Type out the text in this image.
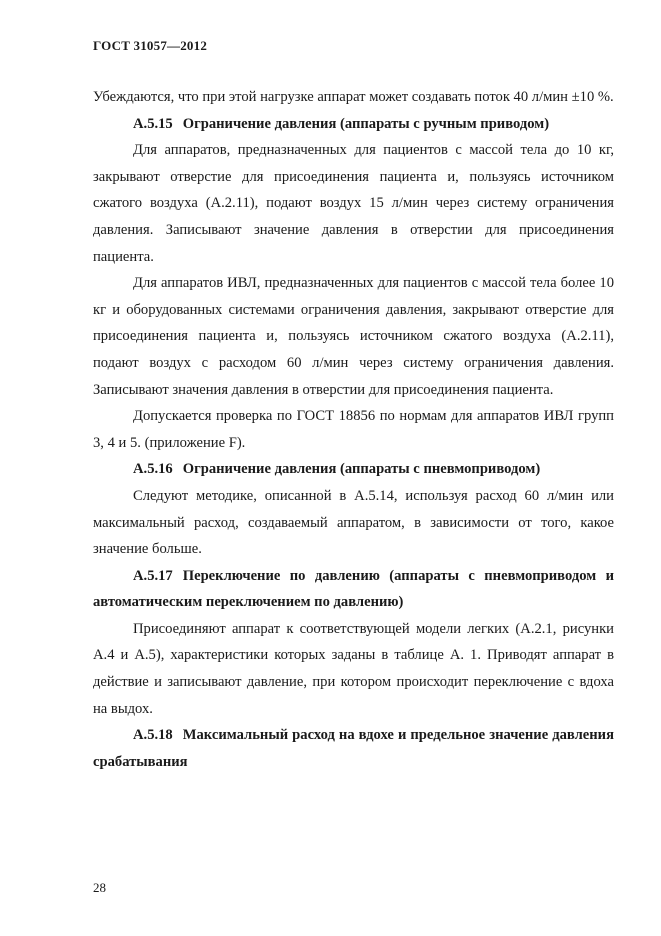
ГОСТ 31057—2012

Убеждаются, что при этой нагрузке аппарат может создавать поток 40 л/мин ±10 %.

A.5.15 Ограничение давления (аппараты с ручным приводом)

Для аппаратов, предназначенных для пациентов с массой тела до 10 кг, закрывают отверстие для присоединения пациента и, пользуясь источником сжатого воздуха (A.2.11), подают воздух 15 л/мин через систему ограничения давления. Записывают значение давления в отверстии для присоединения пациента.

Для аппаратов ИВЛ, предназначенных для пациентов с массой тела более 10 кг и оборудованных системами ограничения давления, закрывают отверстие для присоединения пациента и, пользуясь источником сжатого воздуха (A.2.11), подают воздух с расходом 60 л/мин через систему ограничения давления. Записывают значения давления в отверстии для присоединения пациента.

Допускается проверка по ГОСТ 18856 по нормам для аппаратов ИВЛ групп 3, 4 и 5. (приложение F).

A.5.16 Ограничение давления (аппараты с пневмоприводом)

Следуют методике, описанной в A.5.14, используя расход 60 л/мин или максимальный расход, создаваемый аппаратом, в зависимости от того, какое значение больше.

A.5.17 Переключение по давлению (аппараты с пневмоприводом и автоматическим переключением по давлению)

Присоединяют аппарат к соответствующей модели легких (A.2.1, рисунки A.4 и A.5), характеристики которых заданы в таблице A. 1. Приводят аппарат в действие и записывают давление, при котором происходит переключение с вдоха на выдох.

A.5.18 Максимальный расход на вдохе и предельное значение давления срабатывания

28
